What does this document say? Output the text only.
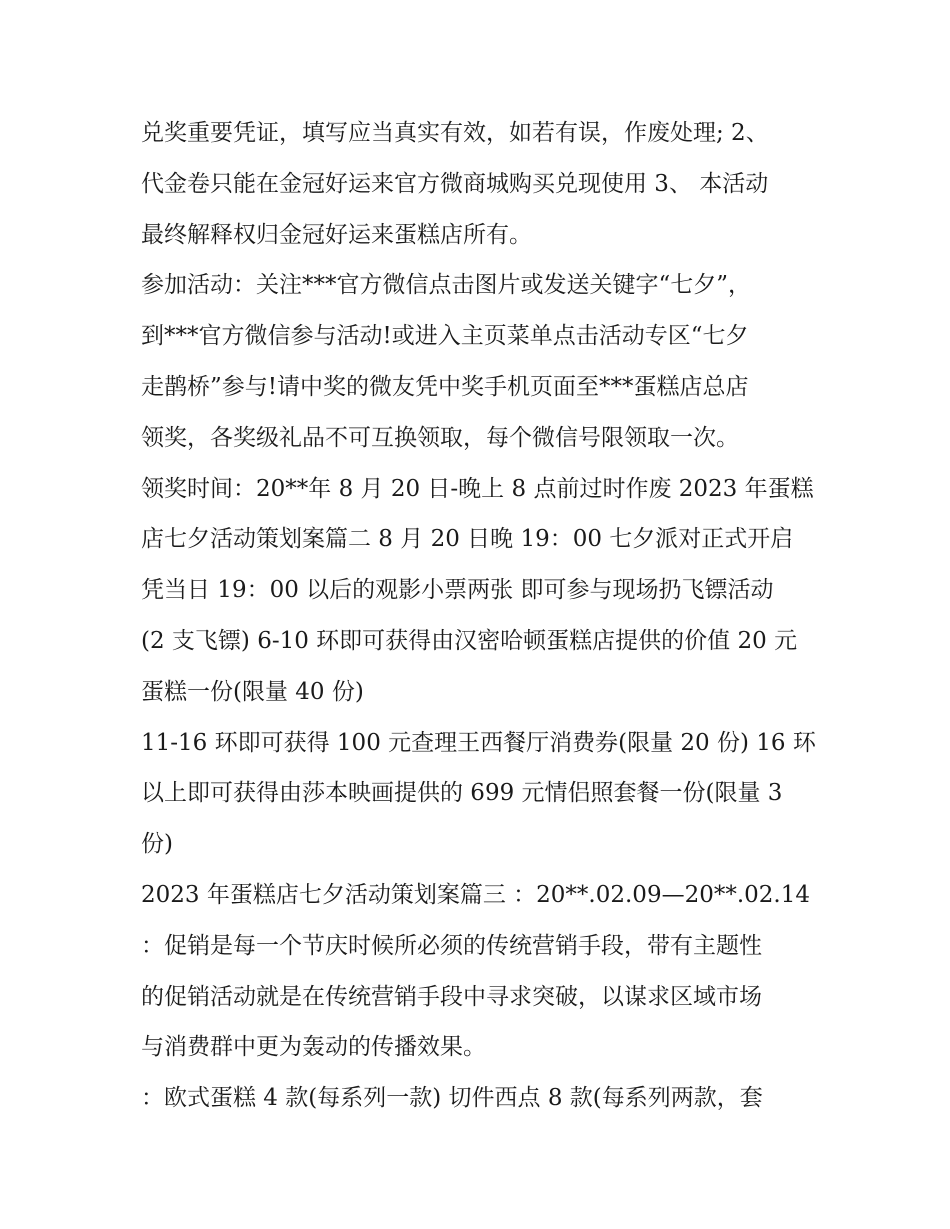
兑奖重要凭证，填写应当真实有效，如若有误，作废处理; 2、
代金卷只能在金冠好运来官方微商城购买兑现使用 3、 本活动
最终解释权归金冠好运来蛋糕店所有。
参加活动：关注***官方微信点击图片或发送关键字“七夕”，
到***官方微信参与活动!或进入主页菜单点击活动专区“七夕
走鹊桥”参与!请中奖的微友凭中奖手机页面至***蛋糕店总店
领奖，各奖级礼品不可互换领取，每个微信号限领取一次。
领奖时间：20**年 8 月 20 日-晚上 8 点前过时作废 2023 年蛋糕
店七夕活动策划案篇二 8 月 20 日晚 19：00 七夕派对正式开启
凭当日 19：00 以后的观影小票两张 即可参与现场扔飞镖活动
(2 支飞镖) 6-10 环即可获得由汉密哈顿蛋糕店提供的价值 20 元
蛋糕一份(限量 40 份)
11-16 环即可获得 100 元查理王西餐厅消费券(限量 20 份) 16 环
以上即可获得由莎本映画提供的 699 元情侣照套餐一份(限量 3
份)
2023 年蛋糕店七夕活动策划案篇三 ：20**.02.09—20**.02.14
：促销是每一个节庆时候所必须的传统营销手段，带有主题性
的促销活动就是在传统营销手段中寻求突破，以谋求区域市场
与消费群中更为轰动的传播效果。
：欧式蛋糕 4 款(每系列一款) 切件西点 8 款(每系列两款，套
